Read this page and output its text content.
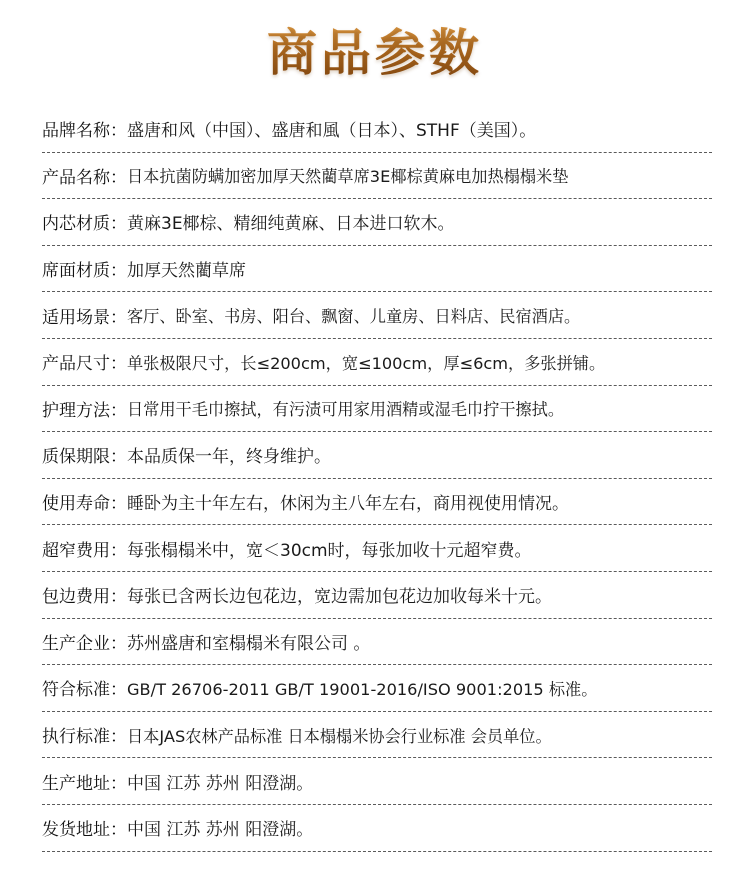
商品参数
品牌名称 ： 盛唐和风（中国）、盛唐和風（日本）、STHF（美国）。
产品名称 ： 日本抗菌防螨加密加厚天然藺草席3E椰棕黄麻电加热榻榻米垫
内芯材质 ： 黄麻3E椰棕、精细纯黄麻、日本进口软木。
席面材质 ： 加厚天然藺草席
适用场景 ： 客厅、卧室、书房、阳台、飘窗、儿童房、日料店、民宿酒店。
产品尺寸 ： 单张极限尺寸，长≤200cm，宽≤100cm，厚≤6cm，多张拼铺。
护理方法 ： 日常用干毛巾擦拭，有污渍可用家用酒精或湿毛巾拧干擦拭。
质保期限 ： 本品质保一年，终身维护。
使用寿命 ： 睡卧为主十年左右，休闲为主八年左右，商用视使用情况。
超窄费用 ： 每张榻榻米中，宽＜30cm时，每张加收十元超窄费。
包边费用 ： 每张已含两长边包花边，宽边需加包花边加收每米十元。
生产企业 ： 苏州盛唐和室榻榻米有限公司 。
符合标准 ： GB/T 26706-2011 GB/T 19001-2016/ISO 9001:2015 标准。
执行标准 ： 日本JAS农林产品标准 日本榻榻米协会行业标准 会员单位。
生产地址 ： 中国 江苏 苏州 阳澄湖。
发货地址 ： 中国 江苏 苏州 阳澄湖。
